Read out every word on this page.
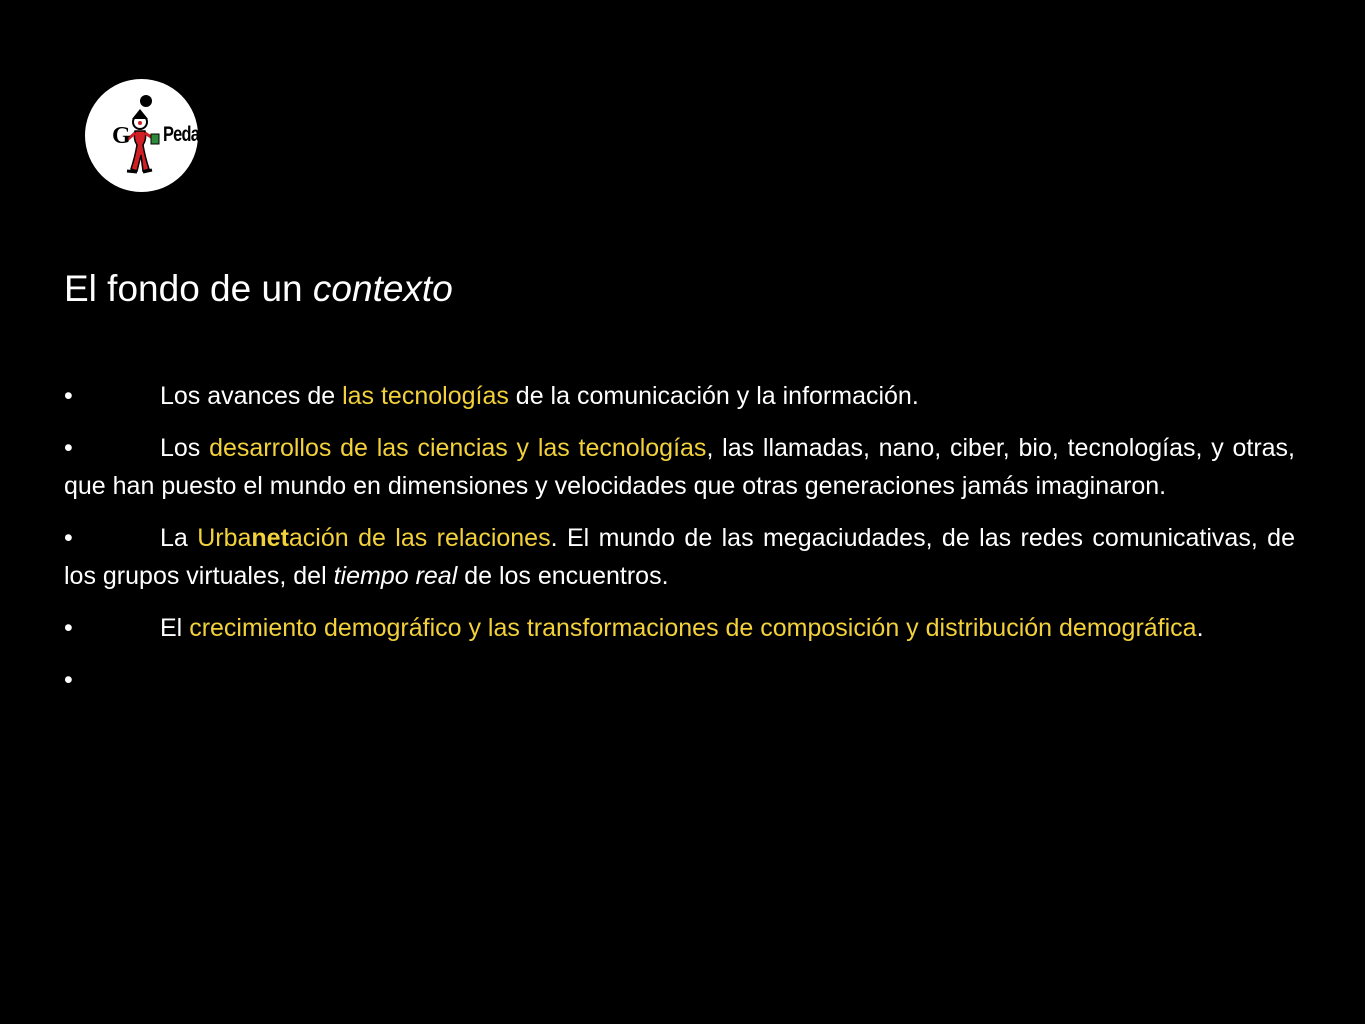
G Pedagogía
El fondo de un contexto

•	Los avances de las tecnologías de la comunicación y la información.

•	Los desarrollos de las ciencias y las tecnologías, las llamadas, nano, ciber, bio, tecnologías, y otras, que han puesto el mundo en dimensiones y velocidades que otras generaciones jamás imaginaron.

•	La Urbanetación de las relaciones. El mundo de las megaciudades, de las redes comunicativas, de los grupos virtuales, del tiempo real de los encuentros.

•	El crecimiento demográfico y las transformaciones de composición y distribución demográfica.

•
